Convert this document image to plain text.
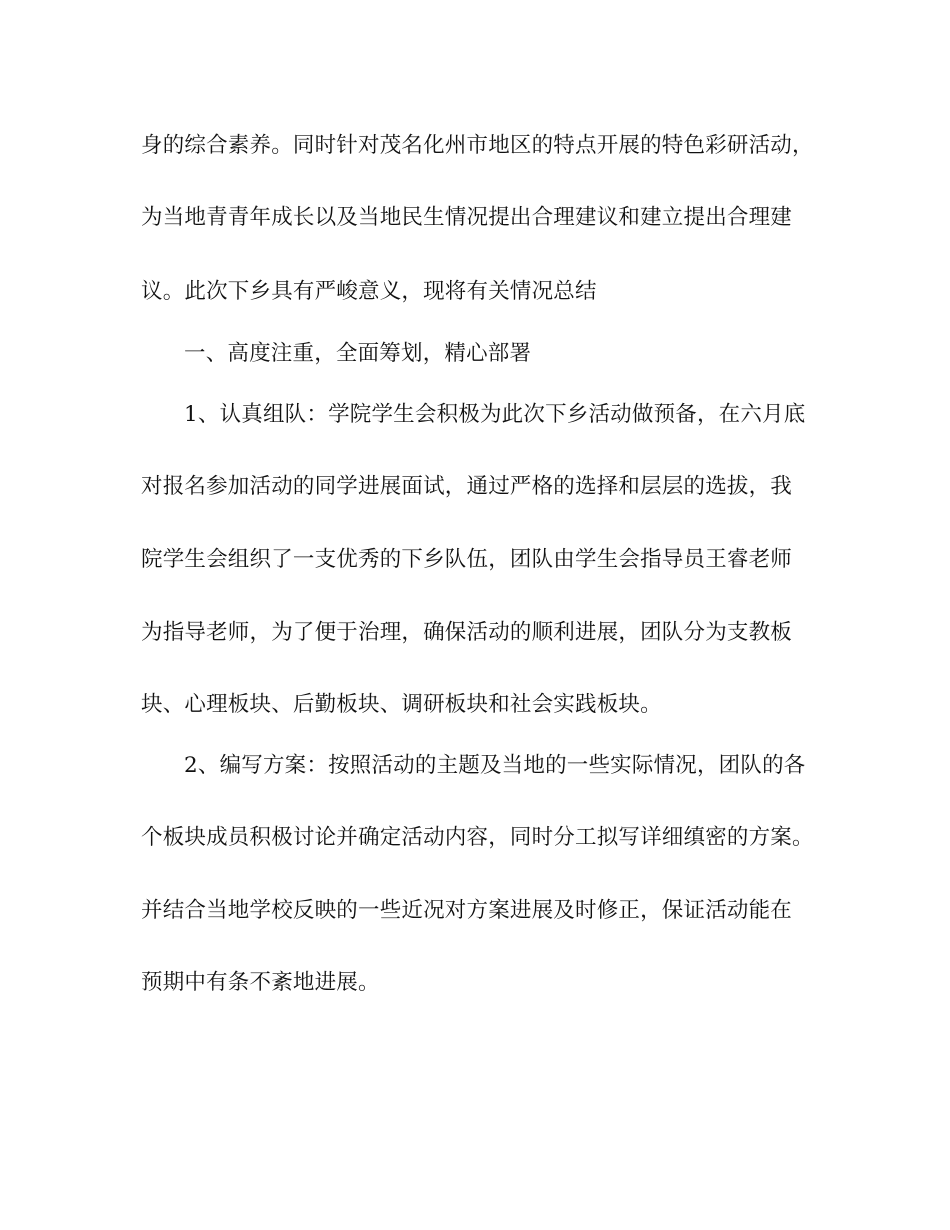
身的综合素养。同时针对茂名化州市地区的特点开展的特色彩研活动，

为当地青青年成长以及当地民生情况提出合理建议和建立提出合理建

议。此次下乡具有严峻意义，现将有关情况总结

一、高度注重，全面筹划，精心部署

1、认真组队：学院学生会积极为此次下乡活动做预备，在六月底

对报名参加活动的同学进展面试，通过严格的选择和层层的选拔，我

院学生会组织了一支优秀的下乡队伍，团队由学生会指导员王睿老师

为指导老师，为了便于治理，确保活动的顺利进展，团队分为支教板

块、心理板块、后勤板块、调研板块和社会实践板块。

2、编写方案：按照活动的主题及当地的一些实际情况，团队的各

个板块成员积极讨论并确定活动内容，同时分工拟写详细缜密的方案。

并结合当地学校反映的一些近况对方案进展及时修正，保证活动能在

预期中有条不紊地进展。
